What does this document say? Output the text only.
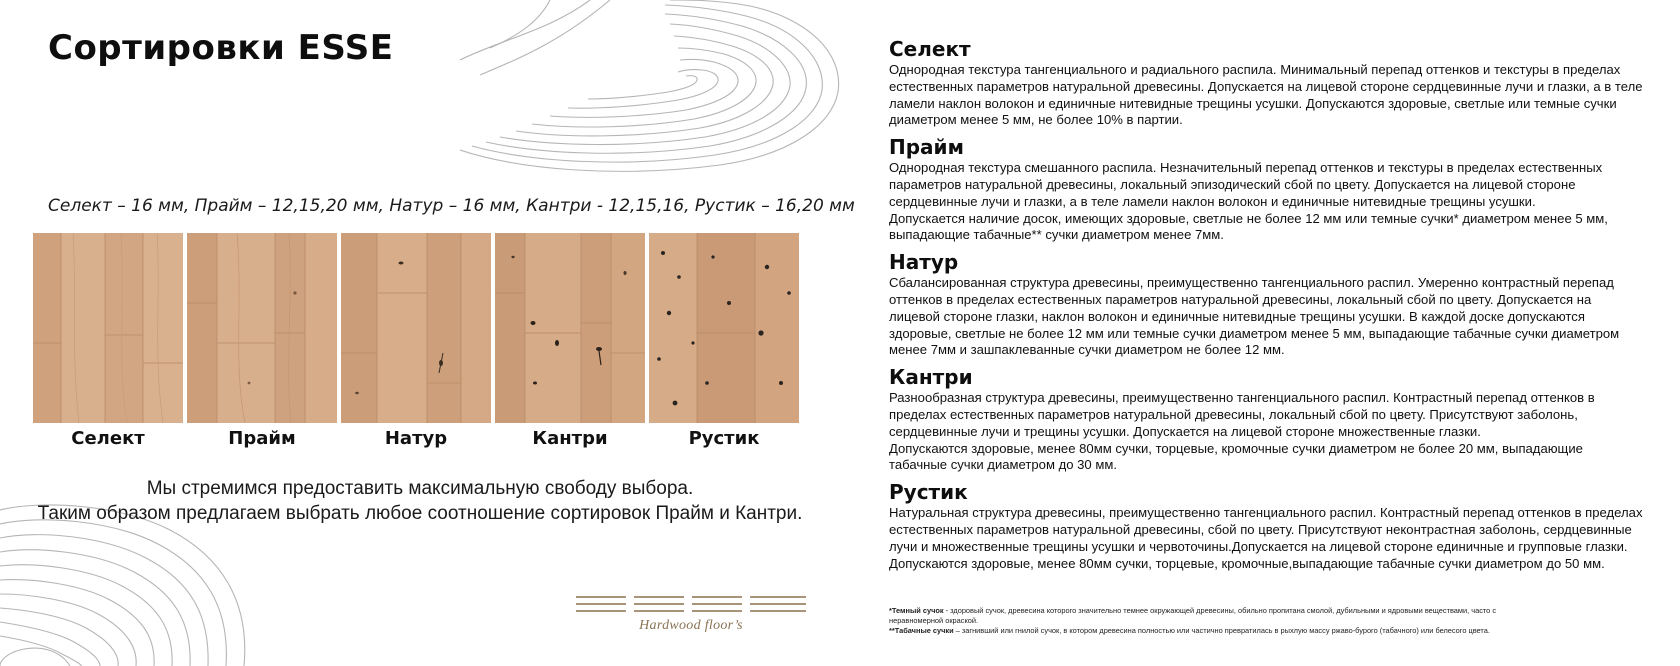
Сортировки ESSE
Селект – 16 мм, Прайм – 12,15,20 мм, Натур – 16 мм, Кантри - 12,15,16, Рустик – 16,20 мм
Селект	Прайм	Натур	Кантри	Рустик
Мы стремимся предоставить максимальную свободу выбора.
Таким образом предлагаем выбрать любое соотношение сортировок Прайм и Кантри.
Hardwood floor’s
Селект

Однородная текстура тангенциального и радиального распила. Минимальный перепад оттенков и текстуры в пределах

естественных параметров натуральной древесины. Допускается на лицевой стороне сердцевинные лучи и глазки, а в теле

ламели наклон волокон и единичные нитевидные трещины усушки. Допускаются здоровые, светлые или темные сучки

диаметром менее 5 мм, не более 10% в партии.

Прайм

Однородная текстура смешанного распила. Незначительный перепад оттенков и текстуры в пределах естественных

параметров натуральной древесины, локальный эпизодический сбой по цвету. Допускается на лицевой стороне

сердцевинные лучи и глазки, а в теле ламели наклон волокон и единичные нитевидные трещины усушки.

Допускается наличие досок, имеющих здоровые, светлые не более 12 мм или темные сучки* диаметром менее 5 мм,

выпадающие табачные** сучки диаметром менее 7мм.

Натур

Сбалансированная структура древесины, преимущественно тангенциального распил. Умеренно контрастный перепад

оттенков в пределах естественных параметров натуральной древесины, локальный сбой по цвету. Допускается на

лицевой стороне глазки, наклон волокон и единичные нитевидные трещины усушки. В каждой доске допускаются

здоровые, светлые не более 12 мм или темные сучки диаметром менее 5 мм, выпадающие табачные сучки диаметром

менее 7мм и зашпаклеванные сучки диаметром не более 12 мм.

Кантри

Разнообразная структура древесины, преимущественно тангенциального распил. Контрастный перепад оттенков в

пределах естественных параметров натуральной древесины, локальный сбой по цвету. Присутствуют заболонь,

сердцевинные лучи и трещины усушки. Допускается на лицевой стороне множественные глазки.

Допускаются здоровые, менее 80мм сучки, торцевые, кромочные сучки диаметром не более 20 мм, выпадающие

табачные сучки диаметром до 30 мм.

Рустик

Натуральная структура древесины, преимущественно тангенциального распил. Контрастный перепад оттенков в пределах

естественных параметров натуральной древесины, сбой по цвету. Присутствуют неконтрастная заболонь, сердцевинные

лучи и множественные трещины усушки и червоточины.Допускается на лицевой стороне единичные и групповые глазки.

Допускаются здоровые, менее 80мм сучки, торцевые, кромочные,выпадающие табачные сучки диаметром до 50 мм.

*Темный сучок - здоровый сучок, древесина которого значительно темнее окружающей древесины, обильно пропитана смолой, дубильными и ядровыми веществами, часто с
неравномерной окраской.
**Табачные сучки – загнивший или гнилой сучок, в котором древесина полностью или частично превратилась в рыхлую массу ржаво-бурого (табачного) или белесого цвета.
